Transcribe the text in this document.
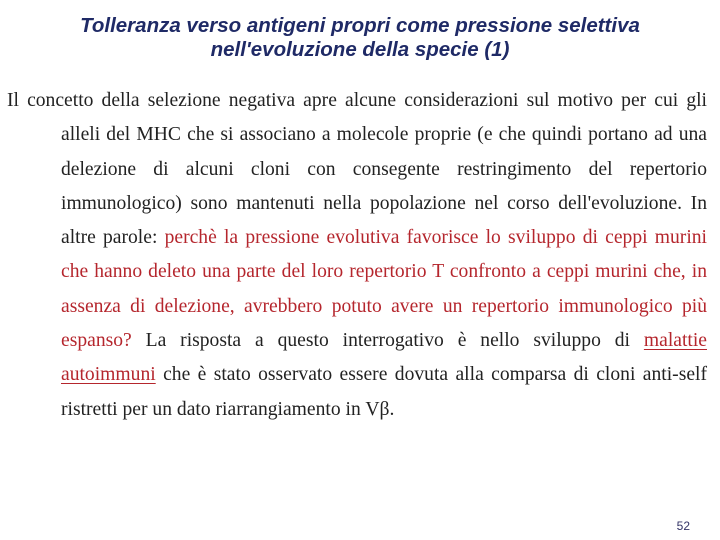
Tolleranza verso antigeni propri come pressione selettiva
nell'evoluzione della specie (1)

Il concetto della selezione negativa apre alcune considerazioni sul motivo per cui gli alleli del MHC che si associano a molecole proprie (e che quindi portano ad una delezione di alcuni cloni con consegente restringimento del repertorio immunologico) sono mantenuti nella popolazione nel corso dell'evoluzione. In altre parole: perchè la pressione evolutiva favorisce lo sviluppo di ceppi murini che hanno deleto una parte del loro repertorio T confronto a ceppi murini che, in assenza di delezione, avrebbero potuto avere un repertorio immunologico più espanso? La risposta a questo interrogativo è nello sviluppo di malattie autoimmuni che è stato osservato essere dovuta alla comparsa di cloni anti-self ristretti per un dato riarrangiamento in Vβ.

52
